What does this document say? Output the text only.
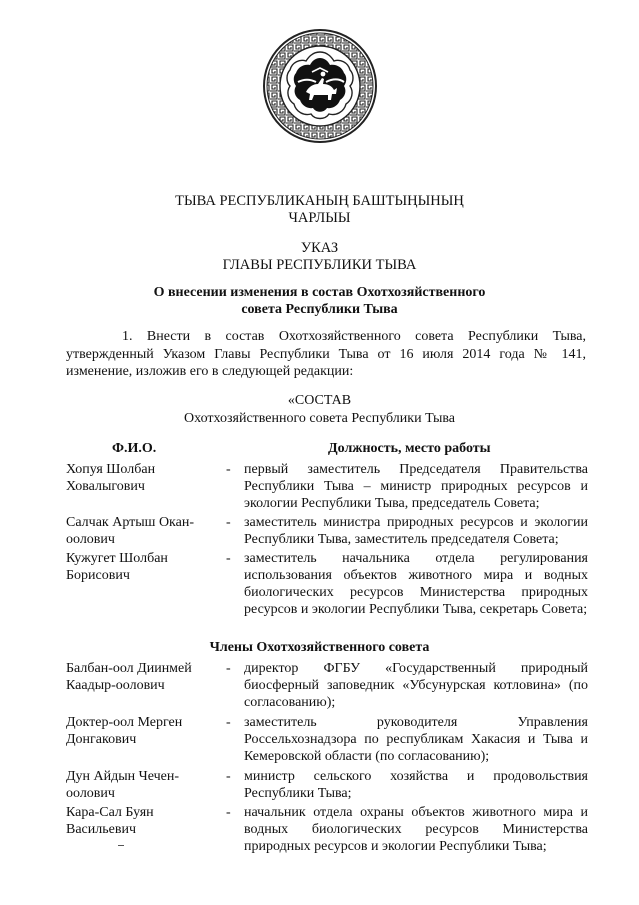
ТЫВА РЕСПУБЛИКАНЫҢ БАШТЫҢЫНЫҢ
ЧАРЛЫЫ
УКАЗ
ГЛАВЫ РЕСПУБЛИКИ ТЫВА
О внесении изменения в состав Охотхозяйственного
совета Республики Тыва
1. Внести в состав Охотхозяйственного совета Республики Тыва, утвержденный Указом Главы Республики Тыва от 16 июля 2014 года № 141, изменение, изложив его в следующей редакции:
«СОСТАВ
Охотхозяйственного совета Республики Тыва
Ф.И.О.	Должность, место работы
Хопуя Шолбан Ховалыгович
- первый заместитель Председателя Правительства Республики Тыва – министр природных ресурсов и экологии Республики Тыва, председатель Совета;
Салчак Артыш Окан-оолович
- заместитель министра природных ресурсов и экологии Республики Тыва, заместитель председателя Совета;
Кужугет Шолбан Борисович
- заместитель начальника отдела регулирования использования объектов животного мира и водных биологических ресурсов Министерства природных ресурсов и экологии Республики Тыва, секретарь Совета;
Члены Охотхозяйственного совета
Балбан-оол Диинмей Каадыр-оолович
- директор ФГБУ «Государственный природный биосферный заповедник «Убсунурская котловина» (по согласованию);
Доктер-оол Мерген Донгакович
- заместитель руководителя Управления Россельхознадзора по республикам Хакасия и Тыва и Кемеровской области (по согласованию);
Дун Айдын Чечен-оолович
- министр сельского хозяйства и продовольствия Республики Тыва;
Кара-Сал Буян Васильевич
- начальник отдела охраны объектов животного мира и водных биологических ресурсов Министерства природных ресурсов и экологии Республики Тыва;
